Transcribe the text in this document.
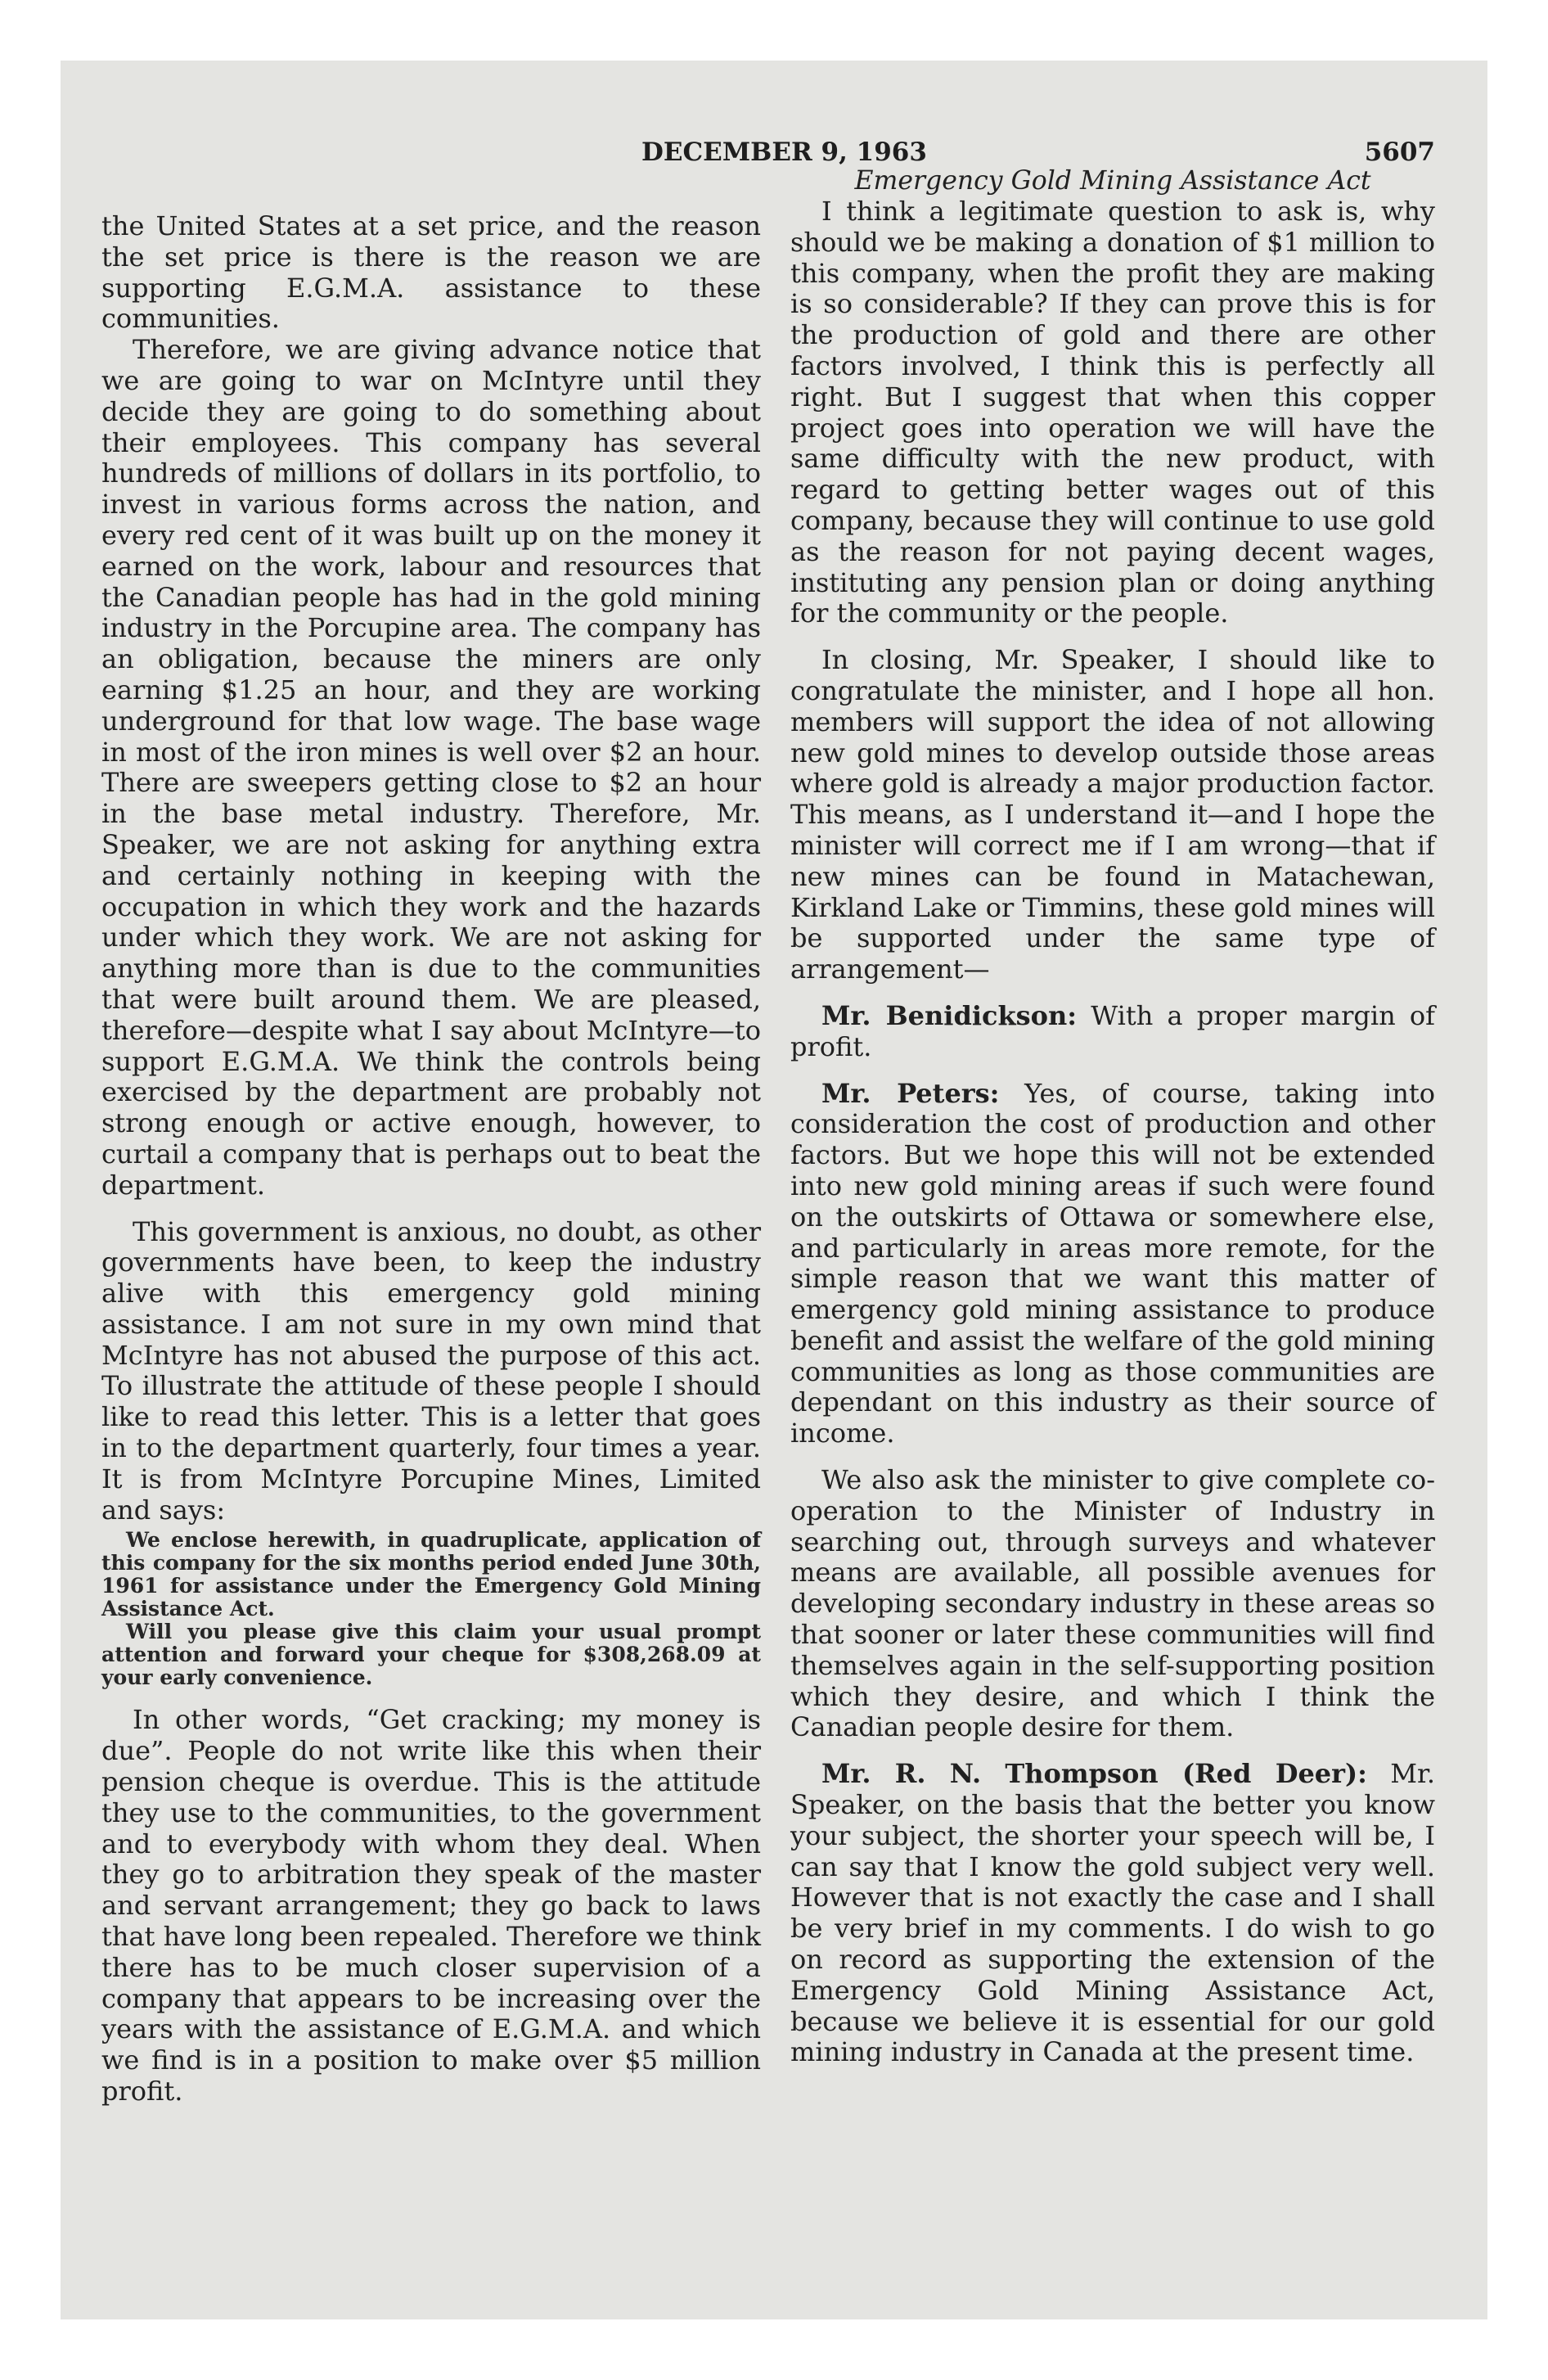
DECEMBER 9, 1963	5607

the United States at a set price, and the reason the set price is there is the reason we are supporting E.G.M.A. assistance to these communities.

Therefore, we are giving advance notice that we are going to war on McIntyre until they decide they are going to do something about their employees. This company has several hundreds of millions of dollars in its portfolio, to invest in various forms across the nation, and every red cent of it was built up on the money it earned on the work, labour and resources that the Canadian people has had in the gold mining industry in the Porcupine area. The company has an obligation, because the miners are only earning $1.25 an hour, and they are working underground for that low wage. The base wage in most of the iron mines is well over $2 an hour. There are sweepers getting close to $2 an hour in the base metal industry. Therefore, Mr. Speaker, we are not asking for anything extra and certainly nothing in keeping with the occupation in which they work and the hazards under which they work. We are not asking for anything more than is due to the communities that were built around them. We are pleased, therefore—despite what I say about McIntyre—to support E.G.M.A. We think the controls being exercised by the department are probably not strong enough or active enough, however, to curtail a company that is perhaps out to beat the department.

This government is anxious, no doubt, as other governments have been, to keep the industry alive with this emergency gold mining assistance. I am not sure in my own mind that McIntyre has not abused the purpose of this act. To illustrate the attitude of these people I should like to read this letter. This is a letter that goes in to the department quarterly, four times a year. It is from McIntyre Porcupine Mines, Limited and says:

We enclose herewith, in quadruplicate, application of this company for the six months period ended June 30th, 1961 for assistance under the Emergency Gold Mining Assistance Act.

Will you please give this claim your usual prompt attention and forward your cheque for $308,268.09 at your early convenience.

In other words, “Get cracking; my money is due”. People do not write like this when their pension cheque is overdue. This is the attitude they use to the communities, to the government and to everybody with whom they deal. When they go to arbitration they speak of the master and servant arrangement; they go back to laws that have long been repealed. Therefore we think there has to be much closer supervision of a company that appears to be increasing over the years with the assistance of E.G.M.A. and which we find is in a position to make over $5 million profit.

Emergency Gold Mining Assistance Act

I think a legitimate question to ask is, why should we be making a donation of $1 million to this company, when the profit they are making is so considerable? If they can prove this is for the production of gold and there are other factors involved, I think this is perfectly all right. But I suggest that when this copper project goes into operation we will have the same difficulty with the new product, with regard to getting better wages out of this company, because they will continue to use gold as the reason for not paying decent wages, instituting any pension plan or doing anything for the community or the people.

In closing, Mr. Speaker, I should like to congratulate the minister, and I hope all hon. members will support the idea of not allowing new gold mines to develop outside those areas where gold is already a major production factor. This means, as I understand it—and I hope the minister will correct me if I am wrong—that if new mines can be found in Matachewan, Kirkland Lake or Timmins, these gold mines will be supported under the same type of arrangement—

Mr. Benidickson: With a proper margin of profit.

Mr. Peters: Yes, of course, taking into consideration the cost of production and other factors. But we hope this will not be extended into new gold mining areas if such were found on the outskirts of Ottawa or somewhere else, and particularly in areas more remote, for the simple reason that we want this matter of emergency gold mining assistance to produce benefit and assist the welfare of the gold mining communities as long as those communities are dependant on this industry as their source of income.

We also ask the minister to give complete co-operation to the Minister of Industry in searching out, through surveys and whatever means are available, all possible avenues for developing secondary industry in these areas so that sooner or later these communities will find themselves again in the self-supporting position which they desire, and which I think the Canadian people desire for them.

Mr. R. N. Thompson (Red Deer): Mr. Speaker, on the basis that the better you know your subject, the shorter your speech will be, I can say that I know the gold subject very well. However that is not exactly the case and I shall be very brief in my comments. I do wish to go on record as supporting the extension of the Emergency Gold Mining Assistance Act, because we believe it is essential for our gold mining industry in Canada at the present time.
